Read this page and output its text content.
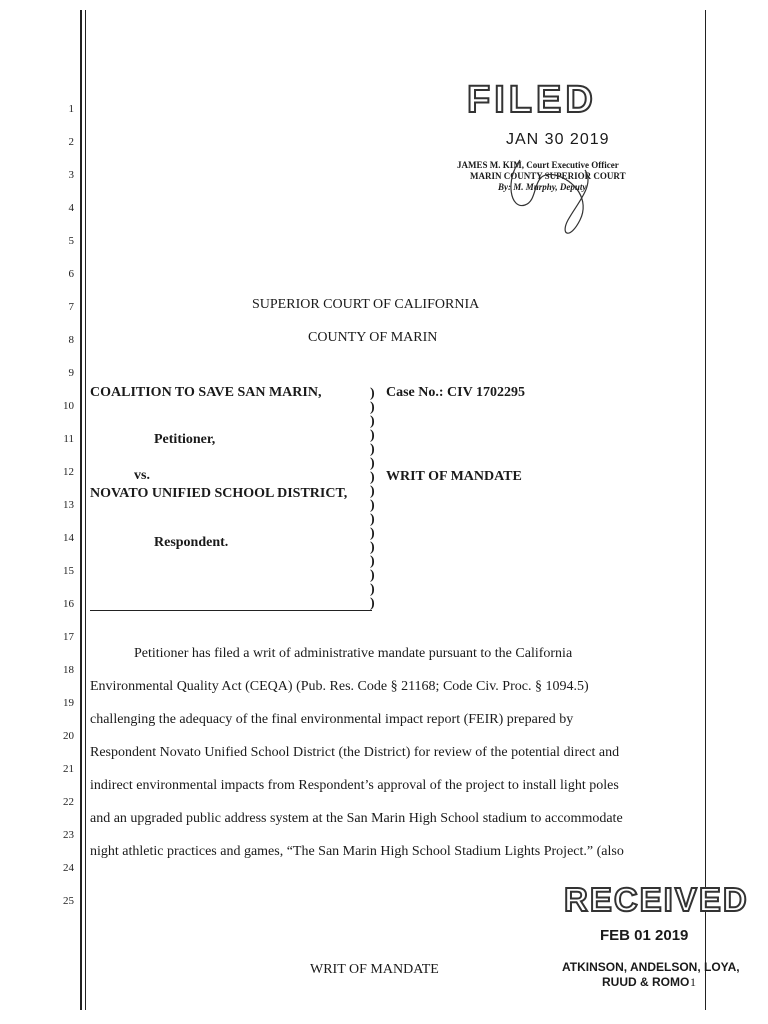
1
2
3
4
5
6
7
8
9
10
11
12
13
14
15
16
17
18
19
20
21
22
23
24
25
FILED
JAN 30 2019
JAMES M. KIM, Court Executive Officer
MARIN COUNTY SUPERIOR COURT
By: M. Murphy, Deputy
SUPERIOR COURT OF CALIFORNIA
COUNTY OF MARIN
COALITION TO SAVE SAN MARIN,
Petitioner,
vs.
NOVATO UNIFIED SCHOOL DISTRICT,
Respondent.
)
)
)
)
)
)
)
)
)
)
)
)
)
)
)
)
Case No.: CIV 1702295
WRIT OF MANDATE
Petitioner has filed a writ of administrative mandate pursuant to the California
Environmental Quality Act (CEQA) (Pub. Res. Code § 21168; Code Civ. Proc. § 1094.5)
challenging the adequacy of the final environmental impact report (FEIR) prepared by
Respondent Novato Unified School District (the District) for review of the potential direct and
indirect environmental impacts from Respondent’s approval of the project to install light poles
and an upgraded public address system at the San Marin High School stadium to accommodate
night athletic practices and games, “The San Marin High School Stadium Lights Project.” (also
RECEIVED
FEB 01 2019
ATKINSON, ANDELSON, LOYA,
RUUD & ROMO
WRIT OF MANDATE
1
